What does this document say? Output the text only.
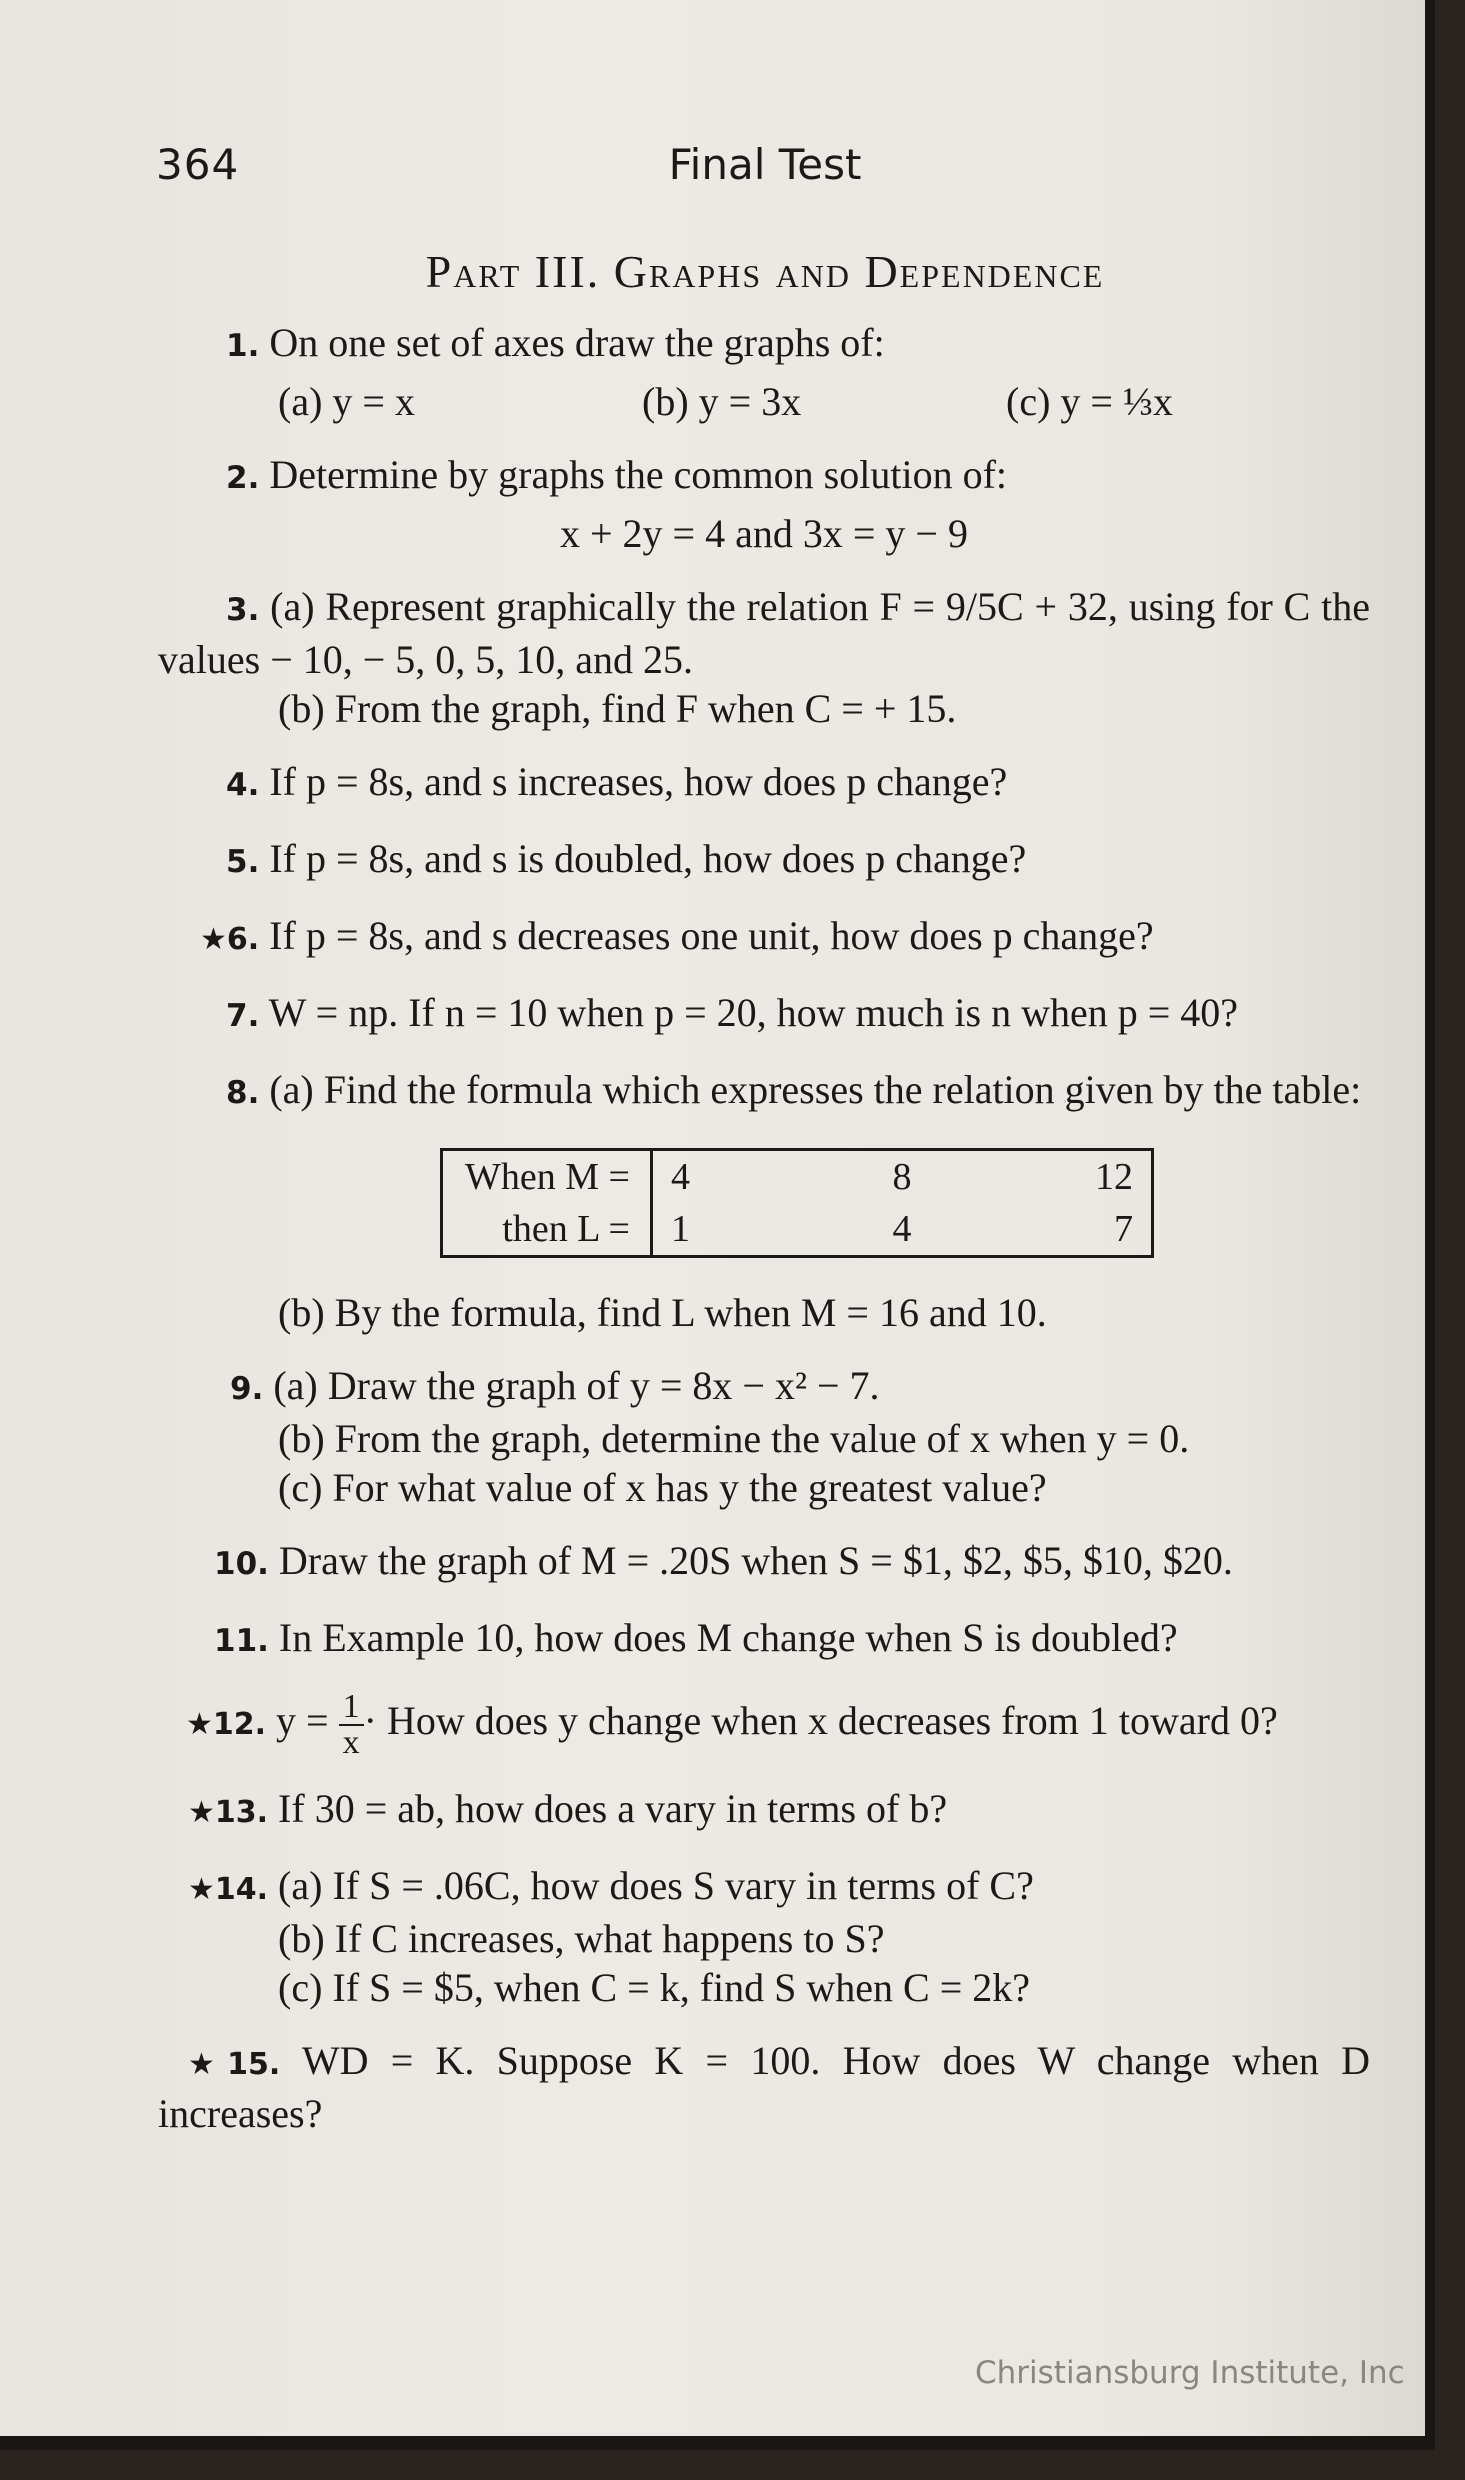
364	Final Test
Part III. Graphs and Dependence
1. On one set of axes draw the graphs of:
(a) y = x	(b) y = 3x	(c) y = ⅓x
2. Determine by graphs the common solution of:
x + 2y = 4 and 3x = y − 9
3. (a) Represent graphically the relation F = 9/5C + 32, using for C the values − 10, − 5, 0, 5, 10, and 25.
(b) From the graph, find F when C = + 15.
4. If p = 8s, and s increases, how does p change?
5. If p = 8s, and s is doubled, how does p change?
★6. If p = 8s, and s decreases one unit, how does p change?
7. W = np. If n = 10 when p = 20, how much is n when p = 40?
8. (a) Find the formula which expresses the relation given by the table:
When M =	4	8	12
then L =	1	4	7
(b) By the formula, find L when M = 16 and 10.
9. (a) Draw the graph of y = 8x − x² − 7.
(b) From the graph, determine the value of x when y = 0.
(c) For what value of x has y the greatest value?
10. Draw the graph of M = .20S when S = $1, $2, $5, $10, $20.
11. In Example 10, how does M change when S is doubled?
★12. $y = \frac{1}{x}$ · How does y change when x decreases from 1 toward 0?
★13. If 30 = ab, how does a vary in terms of b?
★14. (a) If S = .06C, how does S vary in terms of C?
(b) If C increases, what happens to S?
(c) If S = $5, when C = k, find S when C = 2k?
★15. WD = K. Suppose K = 100. How does W change when D increases?
Christiansburg Institute, Inc
